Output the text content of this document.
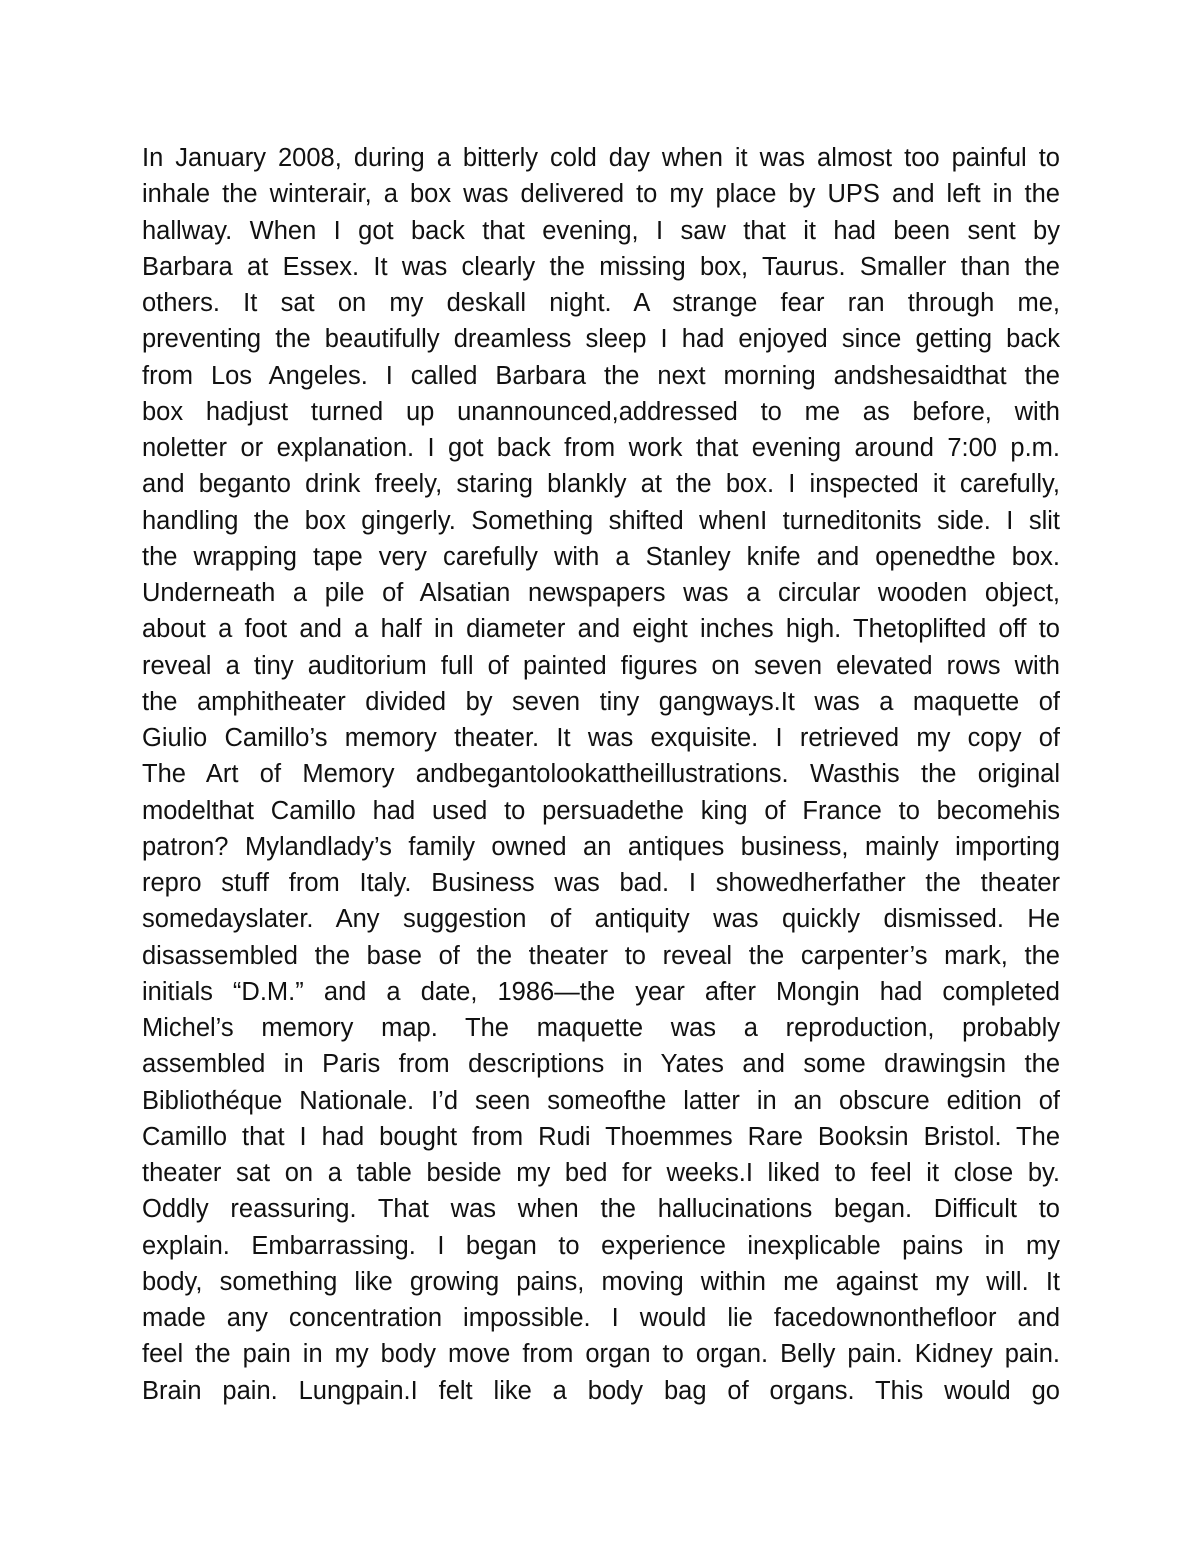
In January 2008, during a bitterly cold day when it was almost too painful to
inhale the winterair, a box was delivered to my place by UPS and left in the
hallway. When I got back that evening, I saw that it had been sent by
Barbara at Essex. It was clearly the missing box, Taurus. Smaller than the
others. It sat on my deskall night. A strange fear ran through me,
preventing the beautifully dreamless sleep I had enjoyed since getting back
from Los Angeles. I called Barbara the next morning andshesaidthat the
box hadjust turned up unannounced,addressed to me as before, with
noletter or explanation. I got back from work that evening around 7:00 p.m.
and beganto drink freely, staring blankly at the box. I inspected it carefully,
handling the box gingerly. Something shifted whenI turneditonits side. I slit
the wrapping tape very carefully with a Stanley knife and openedthe box.
Underneath a pile of Alsatian newspapers was a circular wooden object,
about a foot and a half in diameter and eight inches high. Thetoplifted off to
reveal a tiny auditorium full of painted figures on seven elevated rows with
the amphitheater divided by seven tiny gangways.It was a maquette of
Giulio Camillo’s memory theater. It was exquisite. I retrieved my copy of
The Art of Memory andbegantolookattheillustrations. Wasthis the original
modelthat Camillo had used to persuadethe king of France to becomehis
patron? Mylandlady’s family owned an antiques business, mainly importing
repro stuff from Italy. Business was bad. I showedherfather the theater
somedayslater. Any suggestion of antiquity was quickly dismissed. He
disassembled the base of the theater to reveal the carpenter’s mark, the
initials “D.M.” and a date, 1986—the year after Mongin had completed
Michel’s memory map. The maquette was a reproduction, probably
assembled in Paris from descriptions in Yates and some drawingsin the
Bibliothéque Nationale. I’d seen someofthe latter in an obscure edition of
Camillo that I had bought from Rudi Thoemmes Rare Booksin Bristol. The
theater sat on a table beside my bed for weeks.I liked to feel it close by.
Oddly reassuring. That was when the hallucinations began. Difficult to
explain. Embarrassing. I began to experience inexplicable pains in my
body, something like growing pains, moving within me against my will. It
made any concentration impossible. I would lie facedownonthefloor and
feel the pain in my body move from organ to organ. Belly pain. Kidney pain.
Brain pain. Lungpain.I felt like a body bag of organs. This would go
